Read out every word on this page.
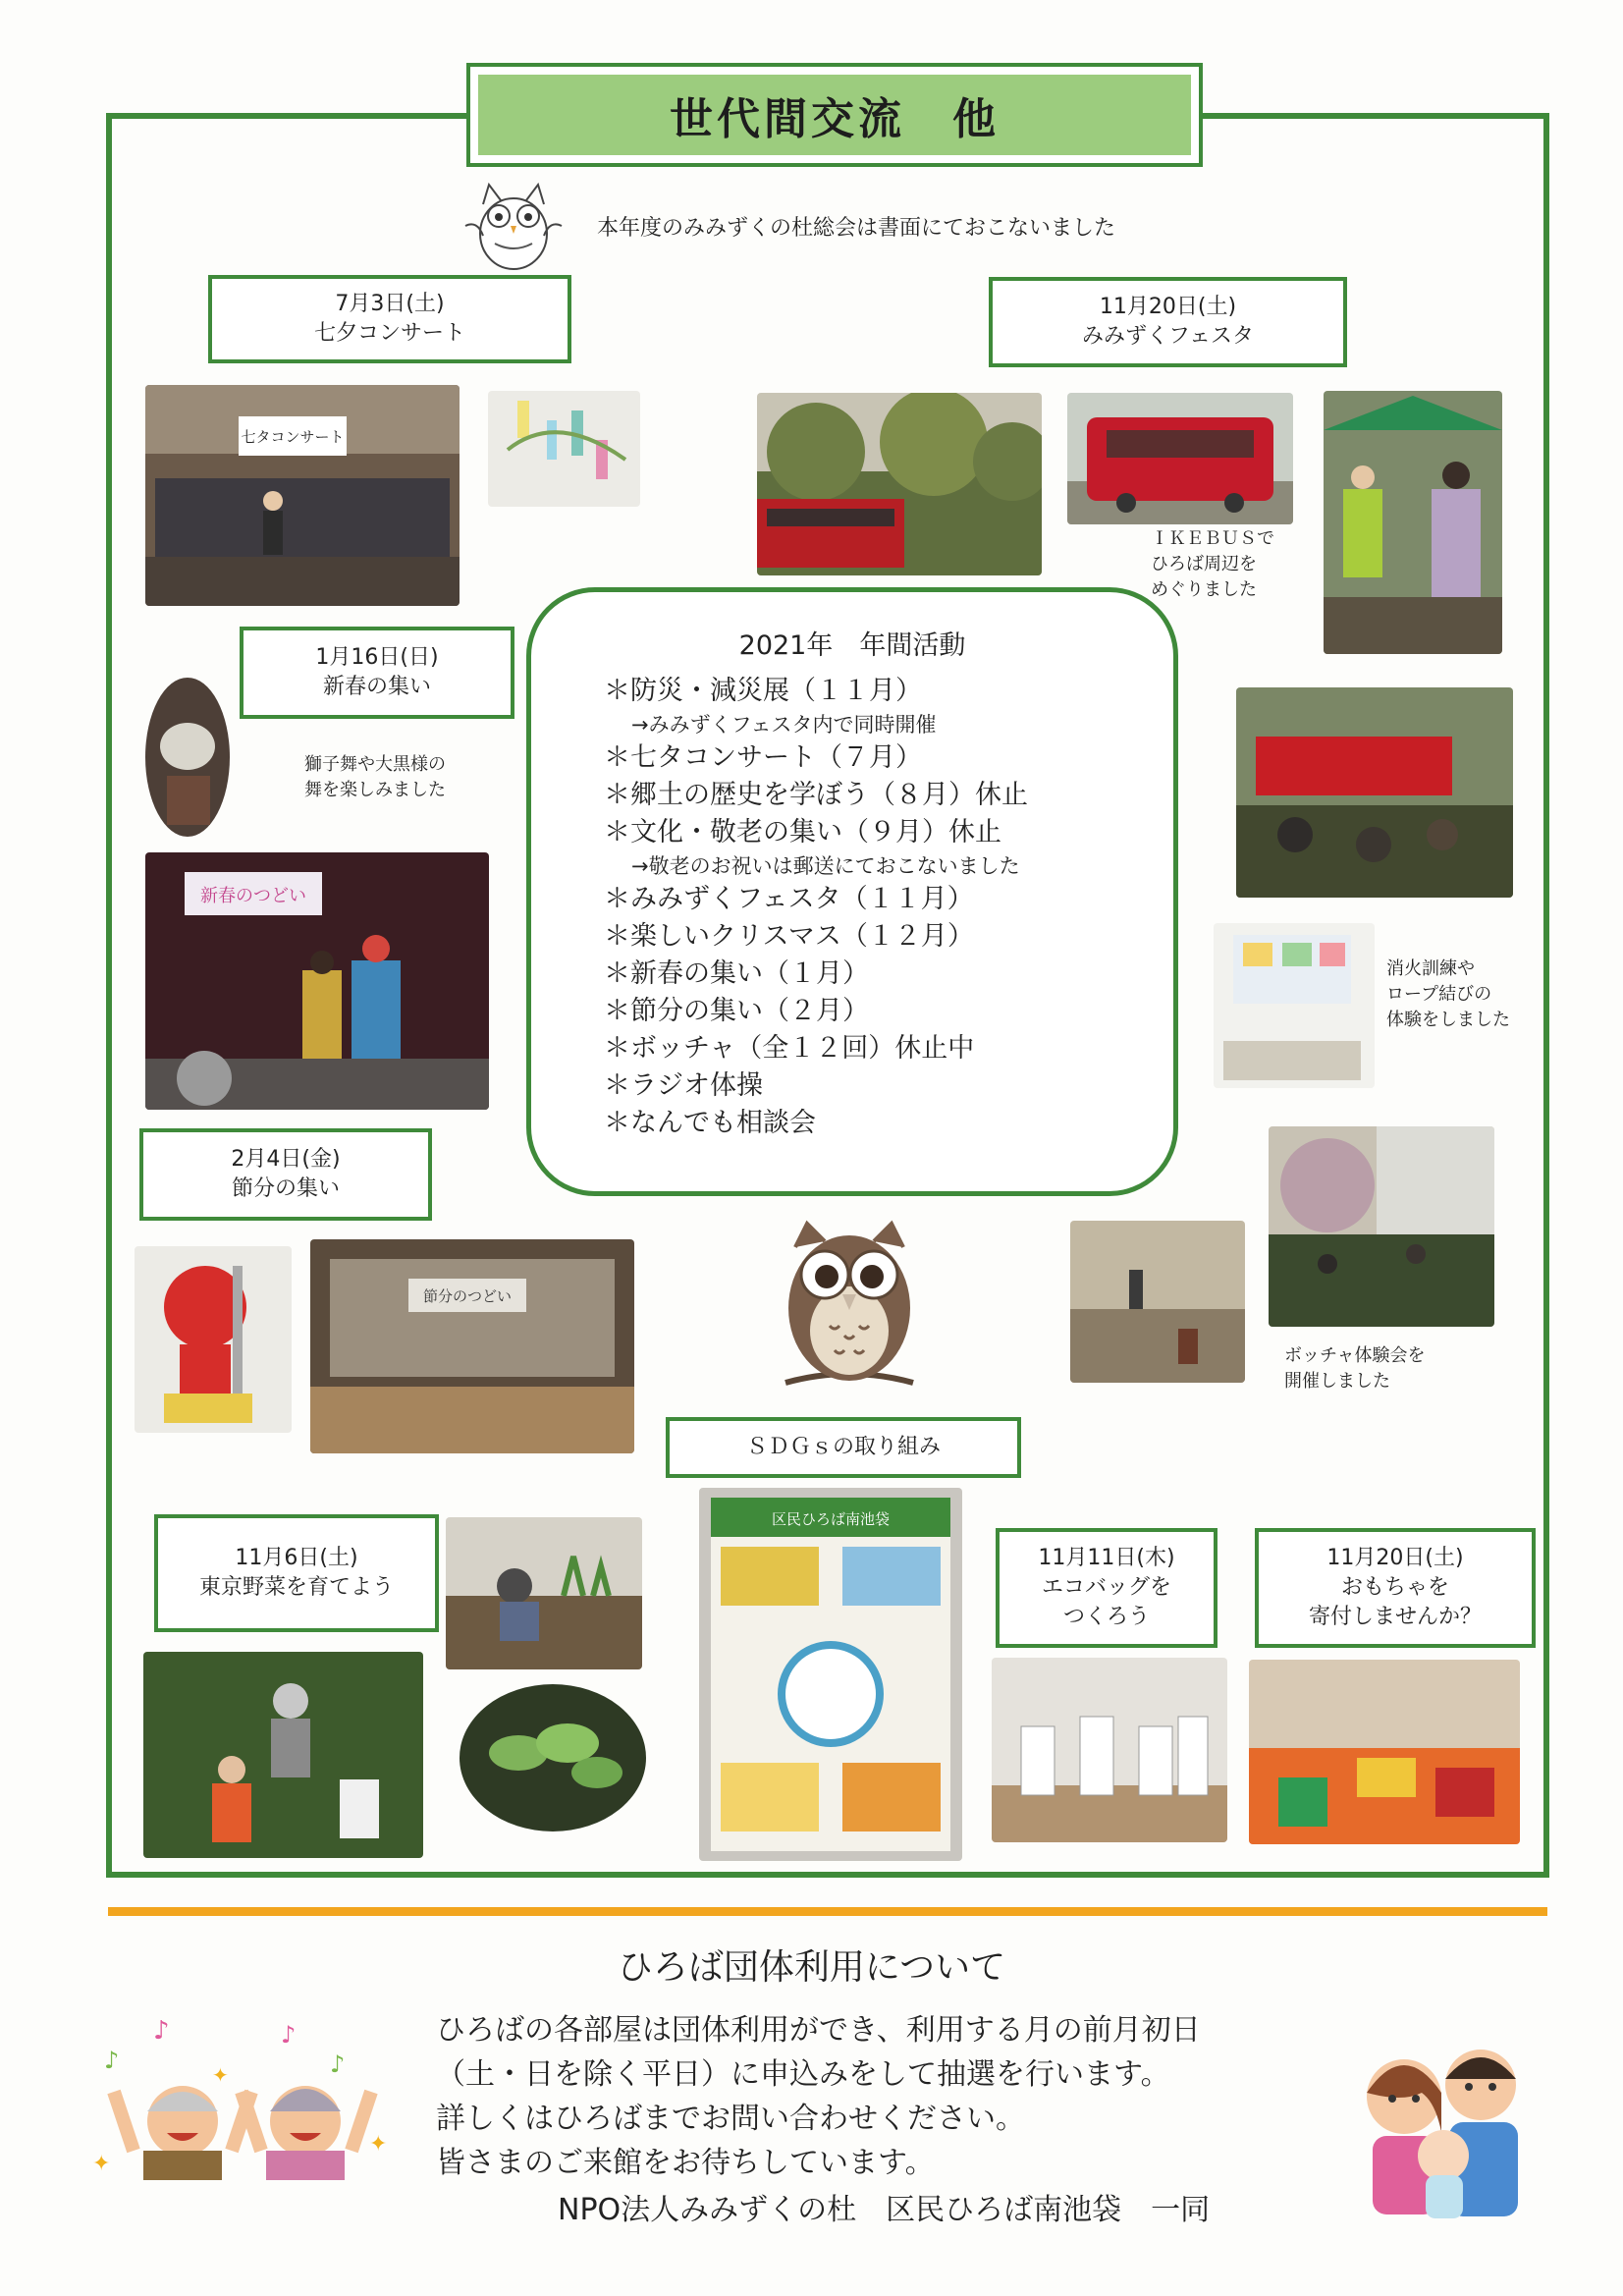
世代間交流　他
本年度のみみずくの杜総会は書面にておこないました
7月3日(土)
七夕コンサート
11月20日(土)
みみずくフェスタ
1月16日(日)
新春の集い
2月4日(金)
節分の集い
11月6日(土)
東京野菜を育てよう
11月11日(木)
エコバッグを
つくろう
11月20日(土)
おもちゃを
寄付しませんか？
ＳＤＧｓの取り組み
七タコンサート
新春のつどい
節分のつどい
区民ひろば南池袋
ＩＫＥＢＵＳで
ひろば周辺を
めぐりました
獅子舞や大黒様の
舞を楽しみました
消火訓練や
ロープ結びの
体験をしました
ボッチャ体験会を
開催しました
2021年　年間活動
＊防災・減災展（１１月）
→みみずくフェスタ内で同時開催
＊七タコンサート（７月）
＊郷土の歴史を学ぼう（８月）休止
＊文化・敬老の集い（９月）休止
→敬老のお祝いは郵送にておこないました
＊みみずくフェスタ（１１月）
＊楽しいクリスマス（１２月）
＊新春の集い（１月）
＊節分の集い（２月）
＊ボッチャ（全１２回）休止中
＊ラジオ体操
＊なんでも相談会
ひろば団体利用について
ひろばの各部屋は団体利用ができ、利用する月の前月初日
（土・日を除く平日）に申込みをして抽選を行います。
詳しくはひろばまでお問い合わせください。
皆さまのご来館をお待ちしています。
NPO法人みみずくの杜　区民ひろば南池袋　一同
♪
♪
♪
♪
✦
✦
✦
